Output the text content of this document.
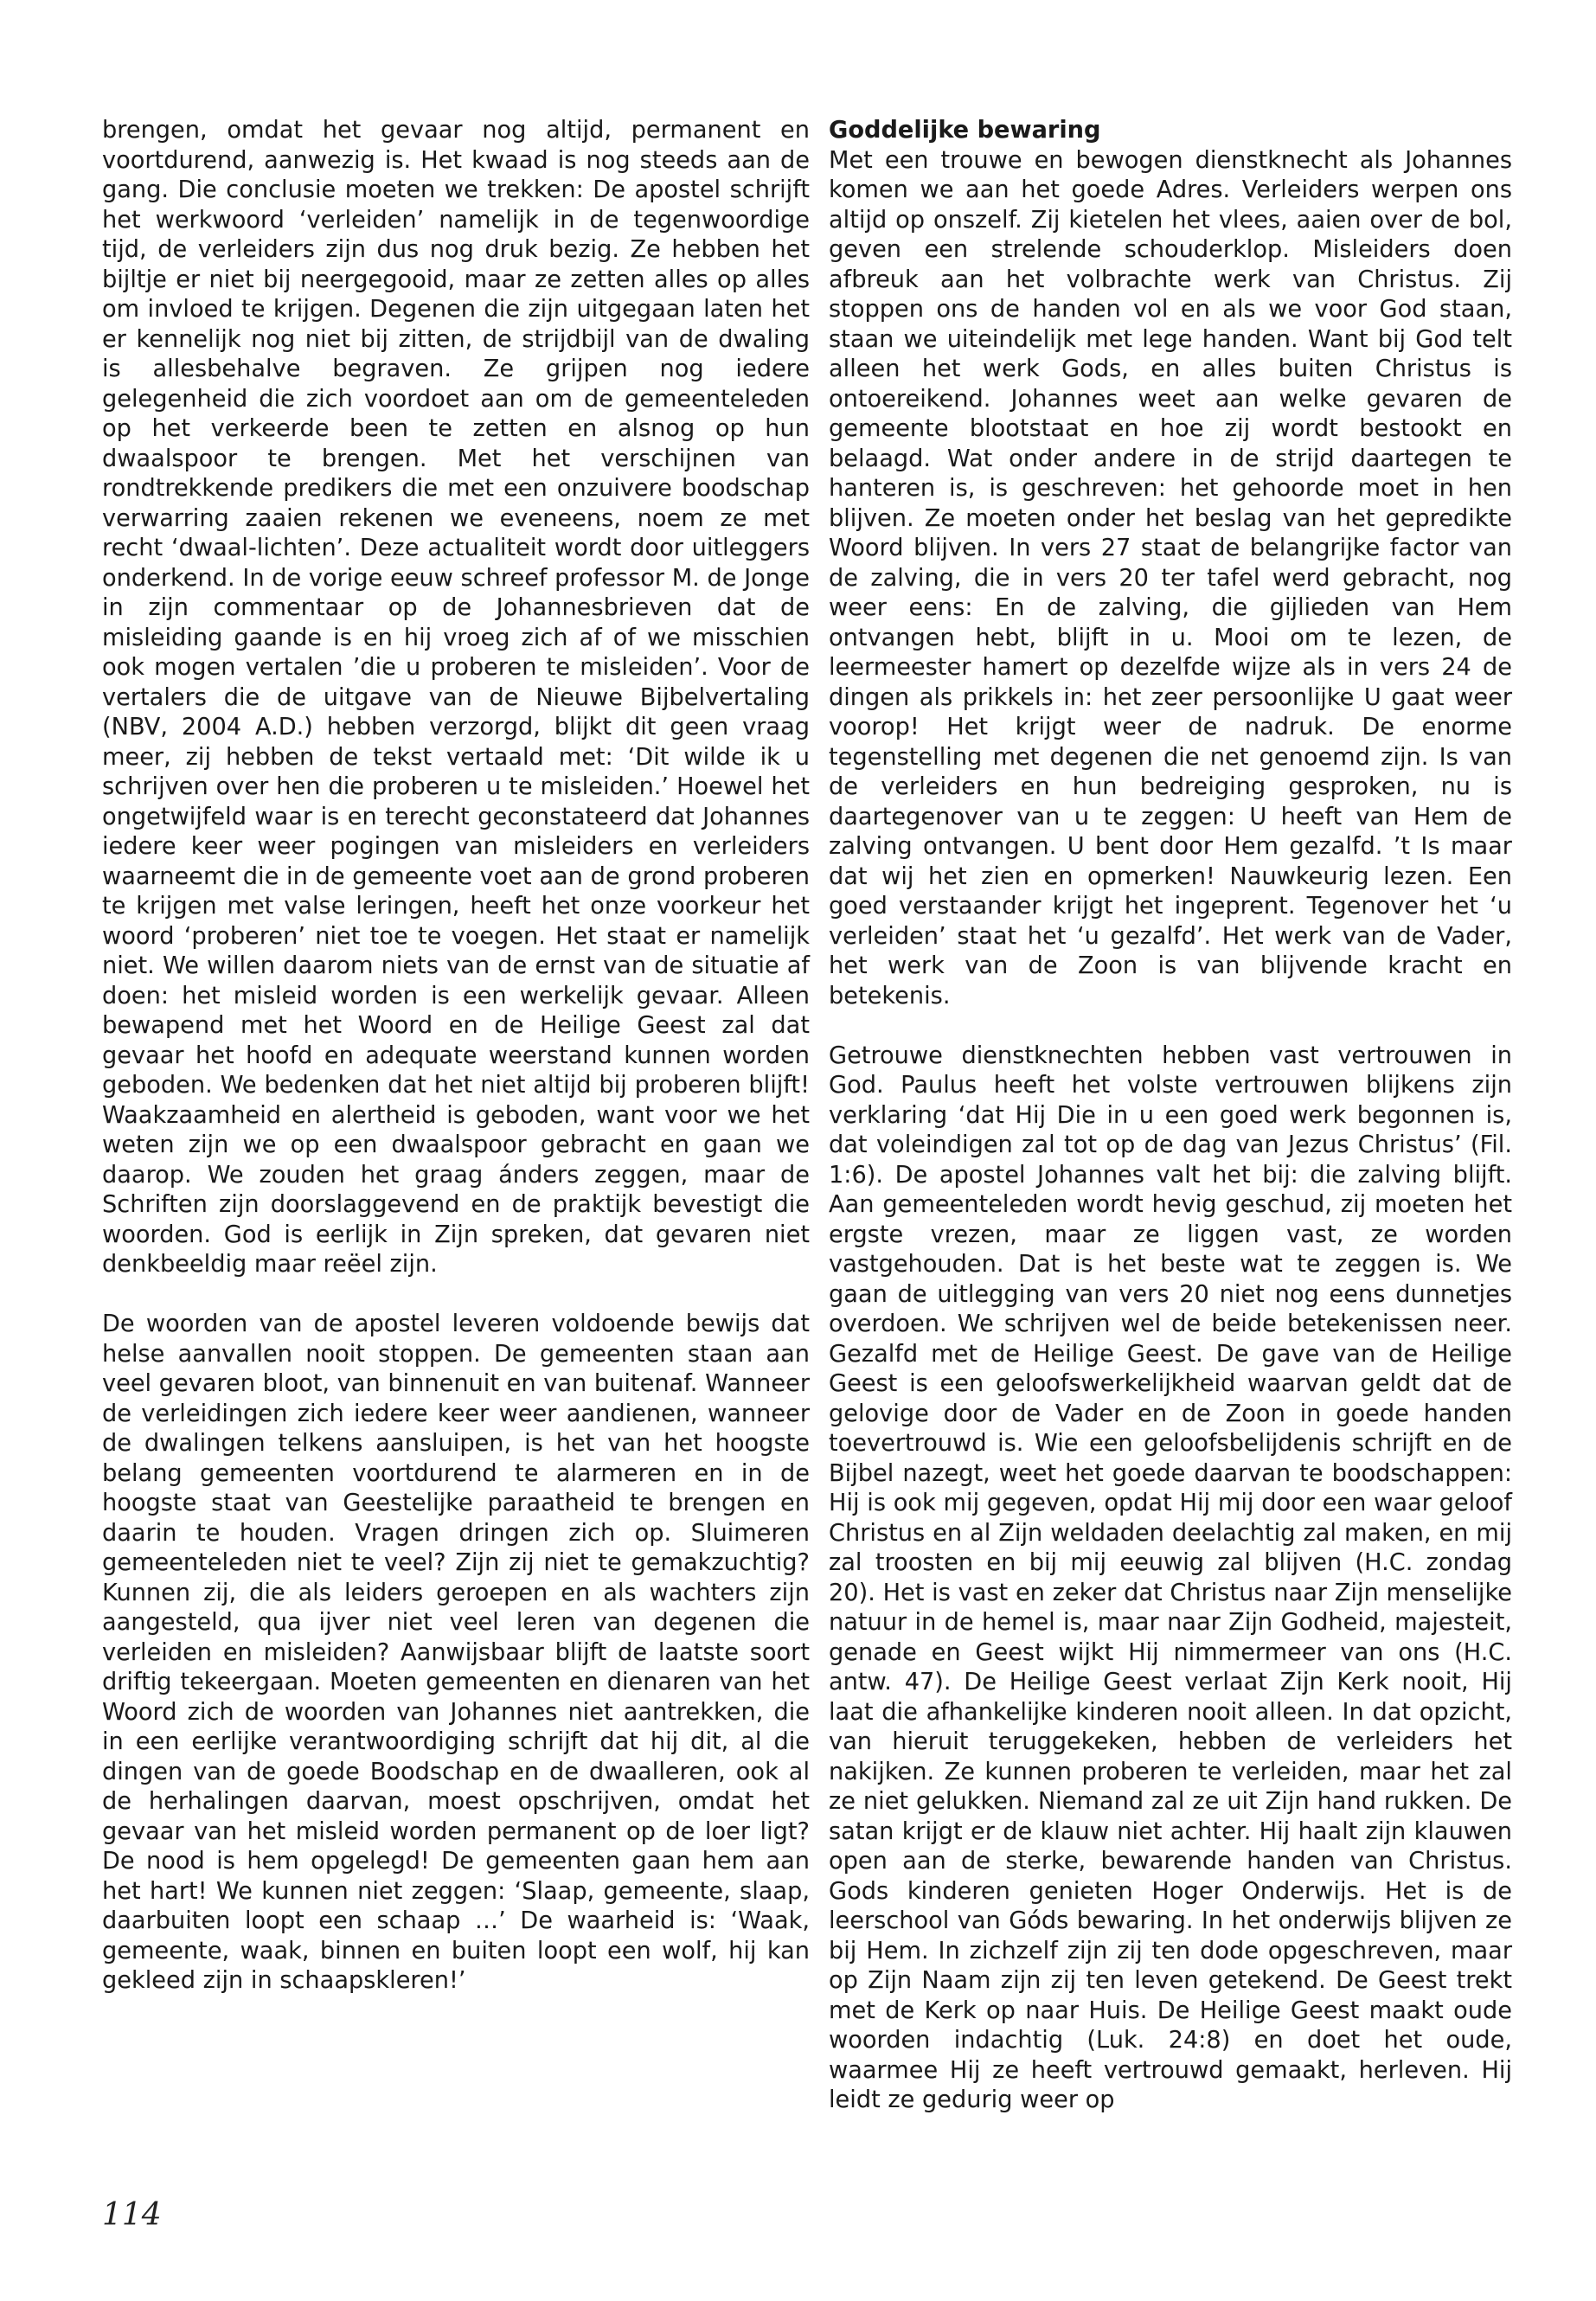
brengen, omdat het gevaar nog altijd, permanent en voortdurend, aanwezig is. Het kwaad is nog steeds aan de gang. Die conclusie moeten we trekken: De apostel schrijft het werkwoord ‘verleiden’ namelijk in de tegenwoordige tijd, de verleiders zijn dus nog druk bezig. Ze hebben het bijltje er niet bij neergegooid, maar ze zetten alles op alles om invloed te krijgen. Degenen die zijn uitgegaan laten het er kennelijk nog niet bij zitten, de strijdbijl van de dwaling is allesbehalve begraven. Ze grijpen nog iedere gelegenheid die zich voordoet aan om de gemeenteleden op het verkeerde been te zetten en alsnog op hun dwaalspoor te brengen. Met het verschijnen van rondtrekkende predikers die met een onzuivere boodschap verwarring zaaien rekenen we eveneens, noem ze met recht ‘dwaal-lichten’. Deze actualiteit wordt door uitleggers onderkend. In de vorige eeuw schreef professor M. de Jonge in zijn commentaar op de Johannesbrieven dat de misleiding gaande is en hij vroeg zich af of we misschien ook mogen vertalen ’die u proberen te misleiden’. Voor de vertalers die de uitgave van de Nieuwe Bijbelvertaling (NBV, 2004 A.D.) hebben verzorgd, blijkt dit geen vraag meer, zij hebben de tekst vertaald met: ‘Dit wilde ik u schrijven over hen die proberen u te misleiden.’ Hoewel het ongetwijfeld waar is en terecht geconstateerd dat Johannes iedere keer weer pogingen van misleiders en verleiders waarneemt die in de gemeente voet aan de grond proberen te krijgen met valse leringen, heeft het onze voorkeur het woord ‘proberen’ niet toe te voegen. Het staat er namelijk niet. We willen daarom niets van de ernst van de situatie af doen: het misleid worden is een werkelijk gevaar. Alleen bewapend met het Woord en de Heilige Geest zal dat gevaar het hoofd en adequate weerstand kunnen worden geboden. We bedenken dat het niet altijd bij proberen blijft! Waakzaamheid en alertheid is geboden, want voor we het weten zijn we op een dwaalspoor gebracht en gaan we daarop. We zouden het graag ánders zeggen, maar de Schriften zijn doorslaggevend en de praktijk bevestigt die woorden. God is eerlijk in Zijn spreken, dat gevaren niet denkbeeldig maar reëel zijn.

De woorden van de apostel leveren voldoende bewijs dat helse aanvallen nooit stoppen. De gemeenten staan aan veel gevaren bloot, van binnenuit en van buitenaf. Wanneer de verleidingen zich iedere keer weer aandienen, wanneer de dwalingen telkens aansluipen, is het van het hoogste belang gemeenten voortdurend te alarmeren en in de hoogste staat van Geestelijke paraatheid te brengen en daarin te houden. Vragen dringen zich op. Sluimeren gemeenteleden niet te veel? Zijn zij niet te gemakzuchtig? Kunnen zij, die als leiders geroepen en als wachters zijn aangesteld, qua ijver niet veel leren van degenen die verleiden en misleiden? Aanwijsbaar blijft de laatste soort driftig tekeergaan. Moeten gemeenten en dienaren van het Woord zich de woorden van Johannes niet aantrekken, die in een eerlijke verantwoordiging schrijft dat hij dit, al die dingen van de goede Boodschap en de dwaalleren, ook al de herhalingen daarvan, moest opschrijven, omdat het gevaar van het misleid worden permanent op de loer ligt? De nood is hem opgelegd! De gemeenten gaan hem aan het hart! We kunnen niet zeggen: ‘Slaap, gemeente, slaap, daarbuiten loopt een schaap …’ De waarheid is: ‘Waak, gemeente, waak, binnen en buiten loopt een wolf, hij kan gekleed zijn in schaapskleren!’

Goddelijke bewaring

Met een trouwe en bewogen dienstknecht als Johannes komen we aan het goede Adres. Verleiders werpen ons altijd op onszelf. Zij kietelen het vlees, aaien over de bol, geven een strelende schouderklop. Misleiders doen afbreuk aan het volbrachte werk van Christus. Zij stoppen ons de handen vol en als we voor God staan, staan we uiteindelijk met lege handen. Want bij God telt alleen het werk Gods, en alles buiten Christus is ontoereikend. Johannes weet aan welke gevaren de gemeente blootstaat en hoe zij wordt bestookt en belaagd. Wat onder andere in de strijd daartegen te hanteren is, is geschreven: het gehoorde moet in hen blijven. Ze moeten onder het beslag van het gepredikte Woord blijven. In vers 27 staat de belangrijke factor van de zalving, die in vers 20 ter tafel werd gebracht, nog weer eens: En de zalving, die gijlieden van Hem ontvangen hebt, blijft in u. Mooi om te lezen, de leermeester hamert op dezelfde wijze als in vers 24 de dingen als prikkels in: het zeer persoonlijke U gaat weer voorop! Het krijgt weer de nadruk. De enorme tegenstelling met degenen die net genoemd zijn. Is van de verleiders en hun bedreiging gesproken, nu is daartegenover van u te zeggen: U heeft van Hem de zalving ontvangen. U bent door Hem gezalfd. ’t Is maar dat wij het zien en opmerken! Nauwkeurig lezen. Een goed verstaander krijgt het ingeprent. Tegenover het ‘u verleiden’ staat het ‘u gezalfd’. Het werk van de Vader, het werk van de Zoon is van blijvende kracht en betekenis.

Getrouwe dienstknechten hebben vast vertrouwen in God. Paulus heeft het volste vertrouwen blijkens zijn verklaring ‘dat Hij Die in u een goed werk begonnen is, dat voleindigen zal tot op de dag van Jezus Christus’ (Fil. 1:6). De apostel Johannes valt het bij: die zalving blijft. Aan gemeenteleden wordt hevig geschud, zij moeten het ergste vrezen, maar ze liggen vast, ze worden vastgehouden. Dat is het beste wat te zeggen is. We gaan de uitlegging van vers 20 niet nog eens dunnetjes overdoen. We schrijven wel de beide betekenissen neer. Gezalfd met de Heilige Geest. De gave van de Heilige Geest is een geloofswerkelijkheid waarvan geldt dat de gelovige door de Vader en de Zoon in goede handen toevertrouwd is. Wie een geloofsbelijdenis schrijft en de Bijbel nazegt, weet het goede daarvan te boodschappen: Hij is ook mij gegeven, opdat Hij mij door een waar geloof Christus en al Zijn weldaden deelachtig zal maken, en mij zal troosten en bij mij eeuwig zal blijven (H.C. zondag 20). Het is vast en zeker dat Christus naar Zijn menselijke natuur in de hemel is, maar naar Zijn Godheid, majesteit, genade en Geest wijkt Hij nimmermeer van ons (H.C. antw. 47). De Heilige Geest verlaat Zijn Kerk nooit, Hij laat die afhankelijke kinderen nooit alleen. In dat opzicht, van hieruit teruggekeken, hebben de verleiders het nakijken. Ze kunnen proberen te verleiden, maar het zal ze niet gelukken. Niemand zal ze uit Zijn hand rukken. De satan krijgt er de klauw niet achter. Hij haalt zijn klauwen open aan de sterke, bewarende handen van Christus. Gods kinderen genieten Hoger Onderwijs. Het is de leerschool van Góds bewaring. In het onderwijs blijven ze bij Hem. In zichzelf zijn zij ten dode opgeschreven, maar op Zijn Naam zijn zij ten leven getekend. De Geest trekt met de Kerk op naar Huis. De Heilige Geest maakt oude woorden indachtig (Luk. 24:8) en doet het oude, waarmee Hij ze heeft vertrouwd gemaakt, herleven. Hij leidt ze gedurig weer op

114
